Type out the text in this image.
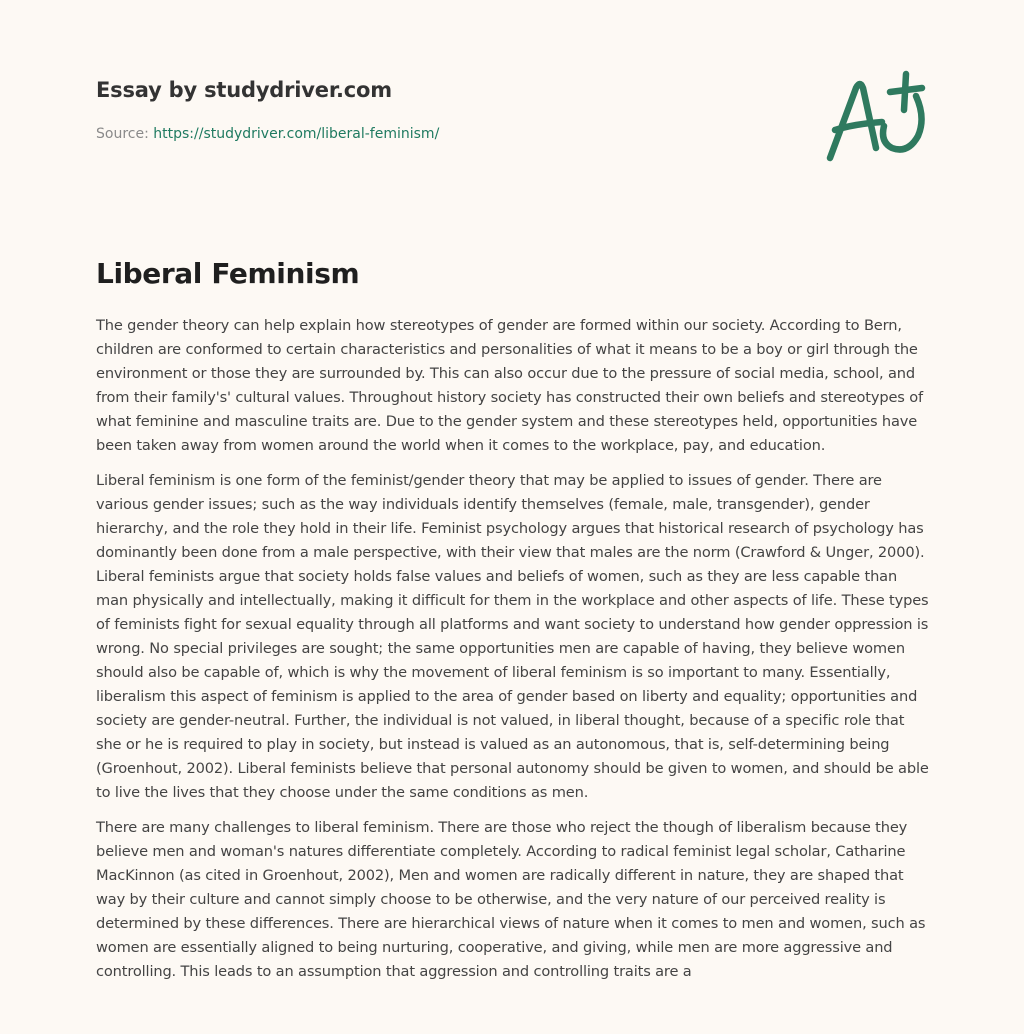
Essay by studydriver.com
Source: https://studydriver.com/liberal-feminism/
Liberal Feminism

The gender theory can help explain how stereotypes of gender are formed within our society. According to Bern, children are conformed to certain characteristics and personalities of what it means to be a boy or girl through the environment or those they are surrounded by. This can also occur due to the pressure of social media, school, and from their family's' cultural values. Throughout history society has constructed their own beliefs and stereotypes of what feminine and masculine traits are. Due to the gender system and these stereotypes held, opportunities have been taken away from women around the world when it comes to the workplace, pay, and education.

Liberal feminism is one form of the feminist/gender theory that may be applied to issues of gender. There are various gender issues; such as the way individuals identify themselves (female, male, transgender), gender hierarchy, and the role they hold in their life. Feminist psychology argues that historical research of psychology has dominantly been done from a male perspective, with their view that males are the norm (Crawford & Unger, 2000). Liberal feminists argue that society holds false values and beliefs of women, such as they are less capable than man physically and intellectually, making it difficult for them in the workplace and other aspects of life. These types of feminists fight for sexual equality through all platforms and want society to understand how gender oppression is wrong. No special privileges are sought; the same opportunities men are capable of having, they believe women should also be capable of, which is why the movement of liberal feminism is so important to many. Essentially, liberalism this aspect of feminism is applied to the area of gender based on liberty and equality; opportunities and society are gender-neutral. Further, the individual is not valued, in liberal thought, because of a specific role that she or he is required to play in society, but instead is valued as an autonomous, that is, self-determining being (Groenhout, 2002). Liberal feminists believe that personal autonomy should be given to women, and should be able to live the lives that they choose under the same conditions as men.

There are many challenges to liberal feminism. There are those who reject the though of liberalism because they believe men and woman's natures differentiate completely. According to radical feminist legal scholar, Catharine MacKinnon (as cited in Groenhout, 2002), Men and women are radically different in nature, they are shaped that way by their culture and cannot simply choose to be otherwise, and the very nature of our perceived reality is determined by these differences. There are hierarchical views of nature when it comes to men and women, such as women are essentially aligned to being nurturing, cooperative, and giving, while men are more aggressive and controlling. This leads to an assumption that aggression and controlling traits are a
